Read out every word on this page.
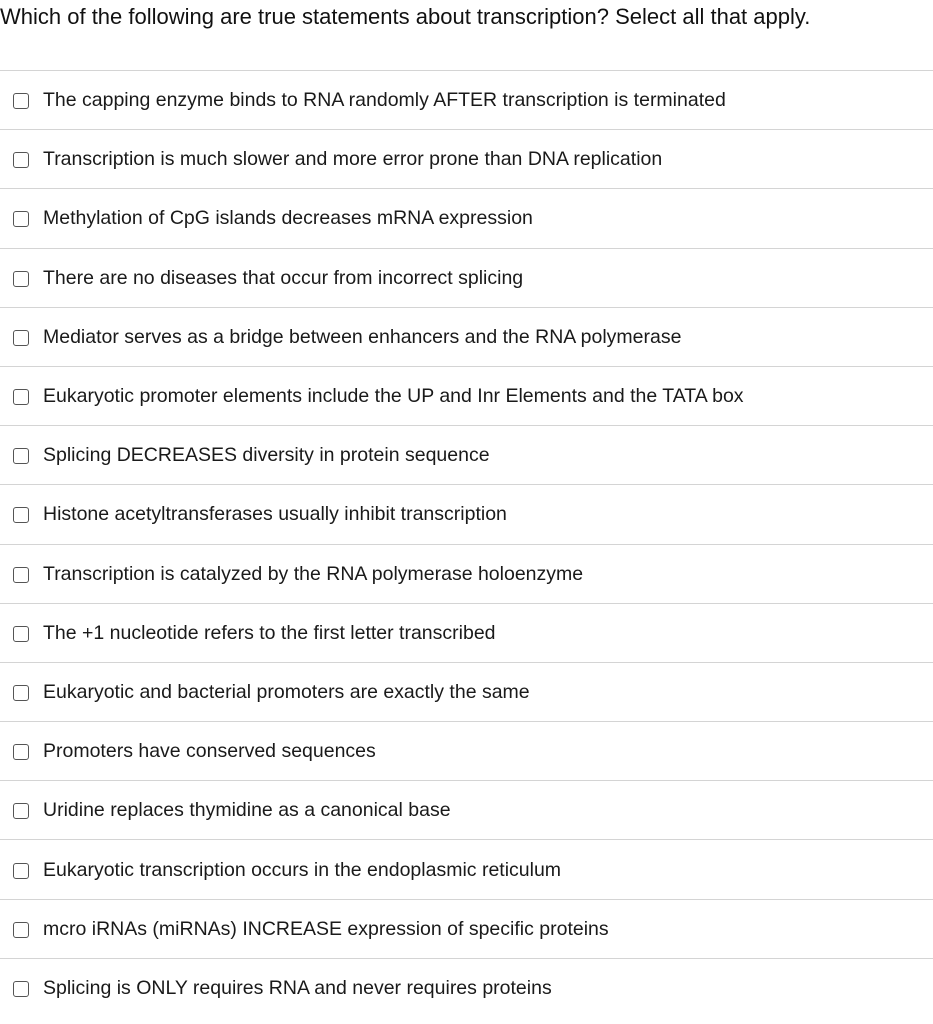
Which of the following are true statements about transcription? Select all that apply.
The capping enzyme binds to RNA randomly AFTER transcription is terminated
Transcription is much slower and more error prone than DNA replication
Methylation of CpG islands decreases mRNA expression
There are no diseases that occur from incorrect splicing
Mediator serves as a bridge between enhancers and the RNA polymerase
Eukaryotic promoter elements include the UP and Inr Elements and the TATA box
Splicing DECREASES diversity in protein sequence
Histone acetyltransferases usually inhibit transcription
Transcription is catalyzed by the RNA polymerase holoenzyme
The +1 nucleotide refers to the first letter transcribed
Eukaryotic and bacterial promoters are exactly the same
Promoters have conserved sequences
Uridine replaces thymidine as a canonical base
Eukaryotic transcription occurs in the endoplasmic reticulum
mcro iRNAs (miRNAs) INCREASE expression of specific proteins
Splicing is ONLY requires RNA and never requires proteins
